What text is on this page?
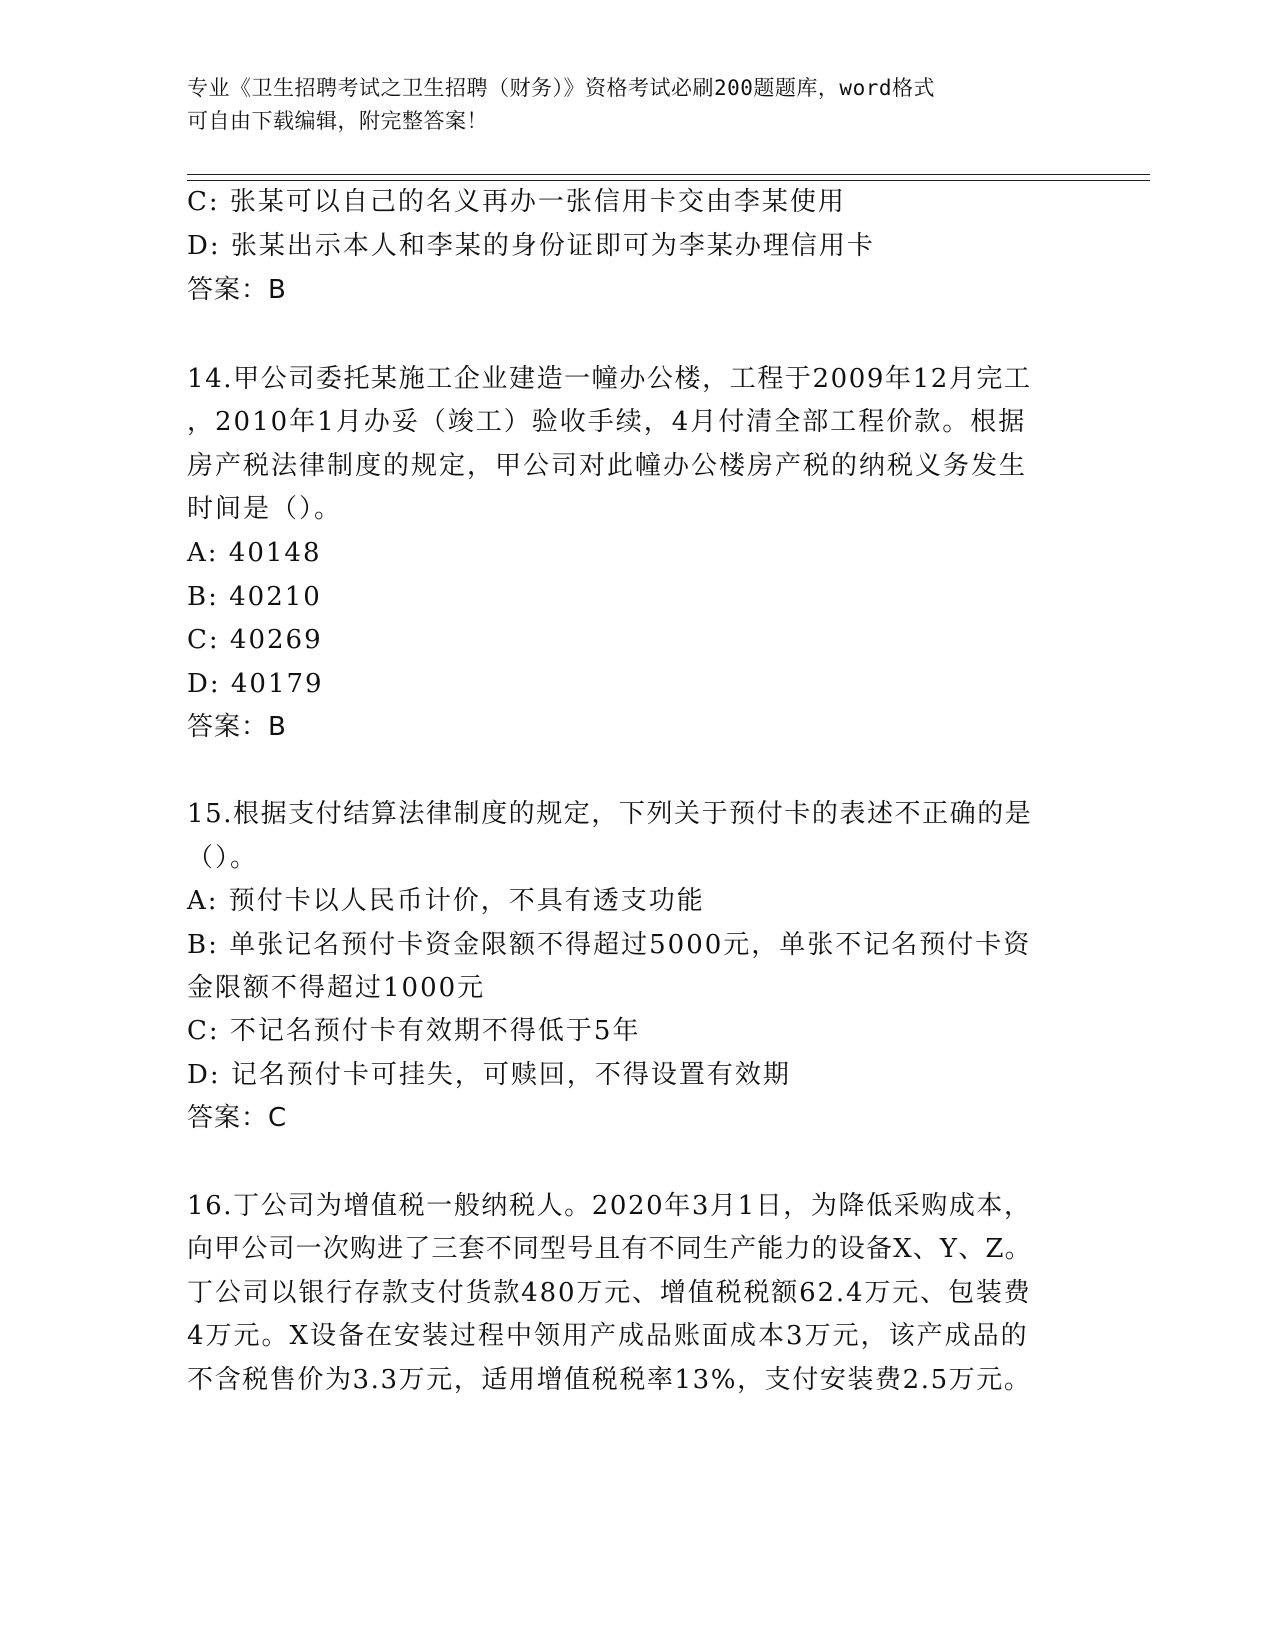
专业《卫生招聘考试之卫生招聘（财务）》资格考试必刷200题题库，word格式
可自由下载编辑，附完整答案！
C: 张某可以自己的名义再办一张信用卡交由李某使用
D: 张某出示本人和李某的身份证即可为李某办理信用卡
答案：B
14.甲公司委托某施工企业建造一幢办公楼，工程于2009年12月完工
，2010年1月办妥（竣工）验收手续，4月付清全部工程价款。根据
房产税法律制度的规定，甲公司对此幢办公楼房产税的纳税义务发生
时间是（）。
A: 40148
B: 40210
C: 40269
D: 40179
答案：B
15.根据支付结算法律制度的规定，下列关于预付卡的表述不正确的是
（）。
A: 预付卡以人民币计价，不具有透支功能
B: 单张记名预付卡资金限额不得超过5000元，单张不记名预付卡资
金限额不得超过1000元
C: 不记名预付卡有效期不得低于5年
D: 记名预付卡可挂失，可赎回，不得设置有效期
答案：C
16.丁公司为增值税一般纳税人。2020年3月1日，为降低采购成本，
向甲公司一次购进了三套不同型号且有不同生产能力的设备X、Y、Z。
丁公司以银行存款支付货款480万元、增值税税额62.4万元、包装费
4万元。X设备在安装过程中领用产成品账面成本3万元，该产成品的
不含税售价为3.3万元，适用增值税税率13%，支付安装费2.5万元。
